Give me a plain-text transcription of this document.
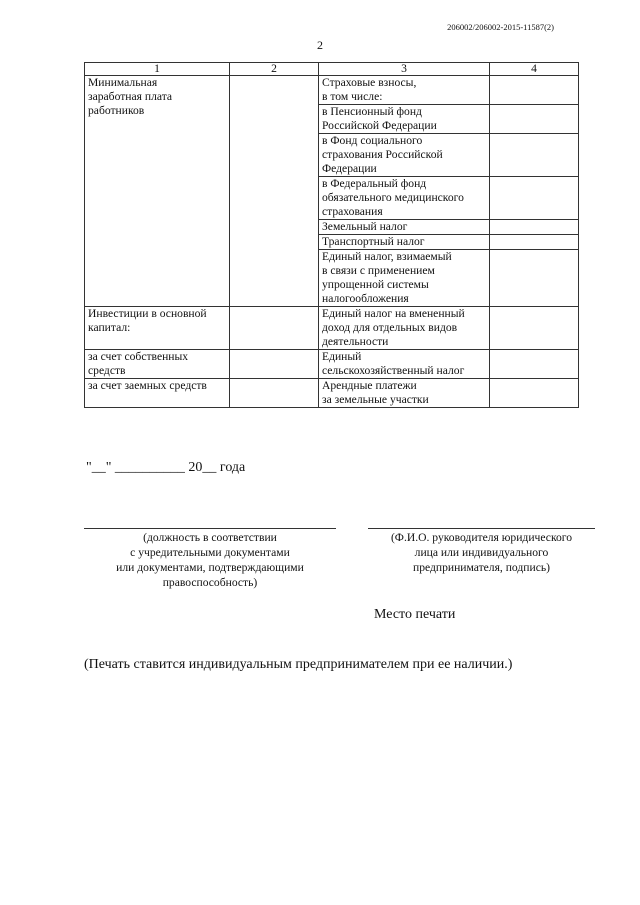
206002/206002-2015-11587(2)
2
1	2	3	4
Минимальная
заработная плата
работников		Страховые взносы,
в том числе:	
		в Пенсионный фонд
Российской Федерации	
		в Фонд социального
страхования Российской
Федерации	
		в Федеральный фонд
обязательного медицинского
страхования	
		Земельный налог	
		Транспортный налог	
		Единый налог, взимаемый
в связи с применением
упрощенной системы
налогообложения	
Инвестиции в основной
капитал:		Единый налог на вмененный
доход для отдельных видов
деятельности	
за счет собственных
средств		Единый
сельскохозяйственный налог	
за счет заемных средств		Арендные платежи
за земельные участки	
"__" __________ 20__ года
(должность в соответствии
с учредительными документами
или документами, подтверждающими
правоспособность)
(Ф.И.О. руководителя юридического
лица или индивидуального
предпринимателя, подпись)
Место печати
(Печать ставится индивидуальным предпринимателем при ее наличии.)
